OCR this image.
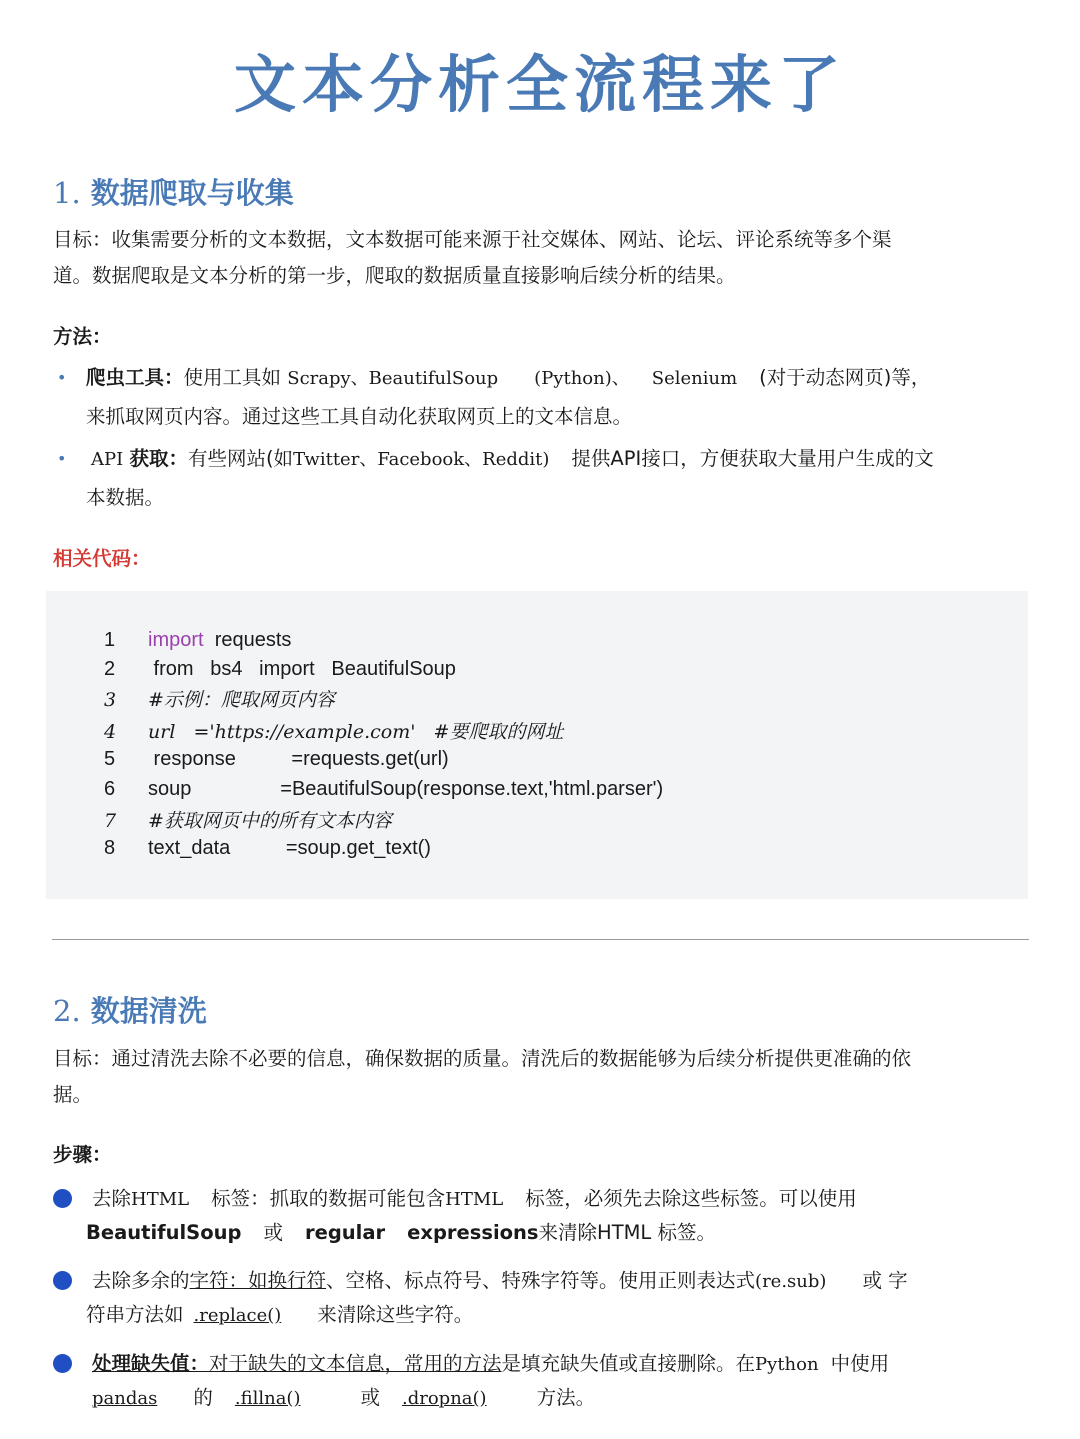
文本分析全流程来了
1. 数据爬取与收集
目标：收集需要分析的文本数据，文本数据可能来源于社交媒体、网站、论坛、评论系统等多个渠
道。数据爬取是文本分析的第一步，爬取的数据质量直接影响后续分析的结果。
方法：
• 爬虫工具：使用工具如 Scrapy、BeautifulSoup (Python)、 Selenium (对于动态网页)等，
来抓取网页内容。通过这些工具自动化获取网页上的文本信息。
• API 获取：有些网站(如Twitter、Facebook、Reddit) 提供API接口，方便获取大量用户生成的文
本数据。
相关代码：
1 import  requests
2 from   bs4   import   BeautifulSoup
3 #示例：爬取网页内容
4 url   ='https://example.com'   #要爬取的网址
5 response          =requests.get(url)
6 soup                =BeautifulSoup(response.text,'html.parser')
7 #获取网页中的所有文本内容
8 text_data          =soup.get_text()
2. 数据清洗
目标：通过清洗去除不必要的信息，确保数据的质量。清洗后的数据能够为后续分析提供更准确的依
据。
步骤：
去除HTML 标签：抓取的数据可能包含HTML 标签，必须先去除这些标签。可以使用
BeautifulSoup 或 regular expressions来清除HTML 标签。
去除多余的字符：如换行符、空格、标点符号、特殊字符等。使用正则表达式(re.sub) 或 字
符串方法如 .replace() 来清除这些字符。
处理缺失值：对于缺失的文本信息，常用的方法是填充缺失值或直接删除。在Python 中使用
pandas 的 .fillna()	或 .dropna()	方法。
